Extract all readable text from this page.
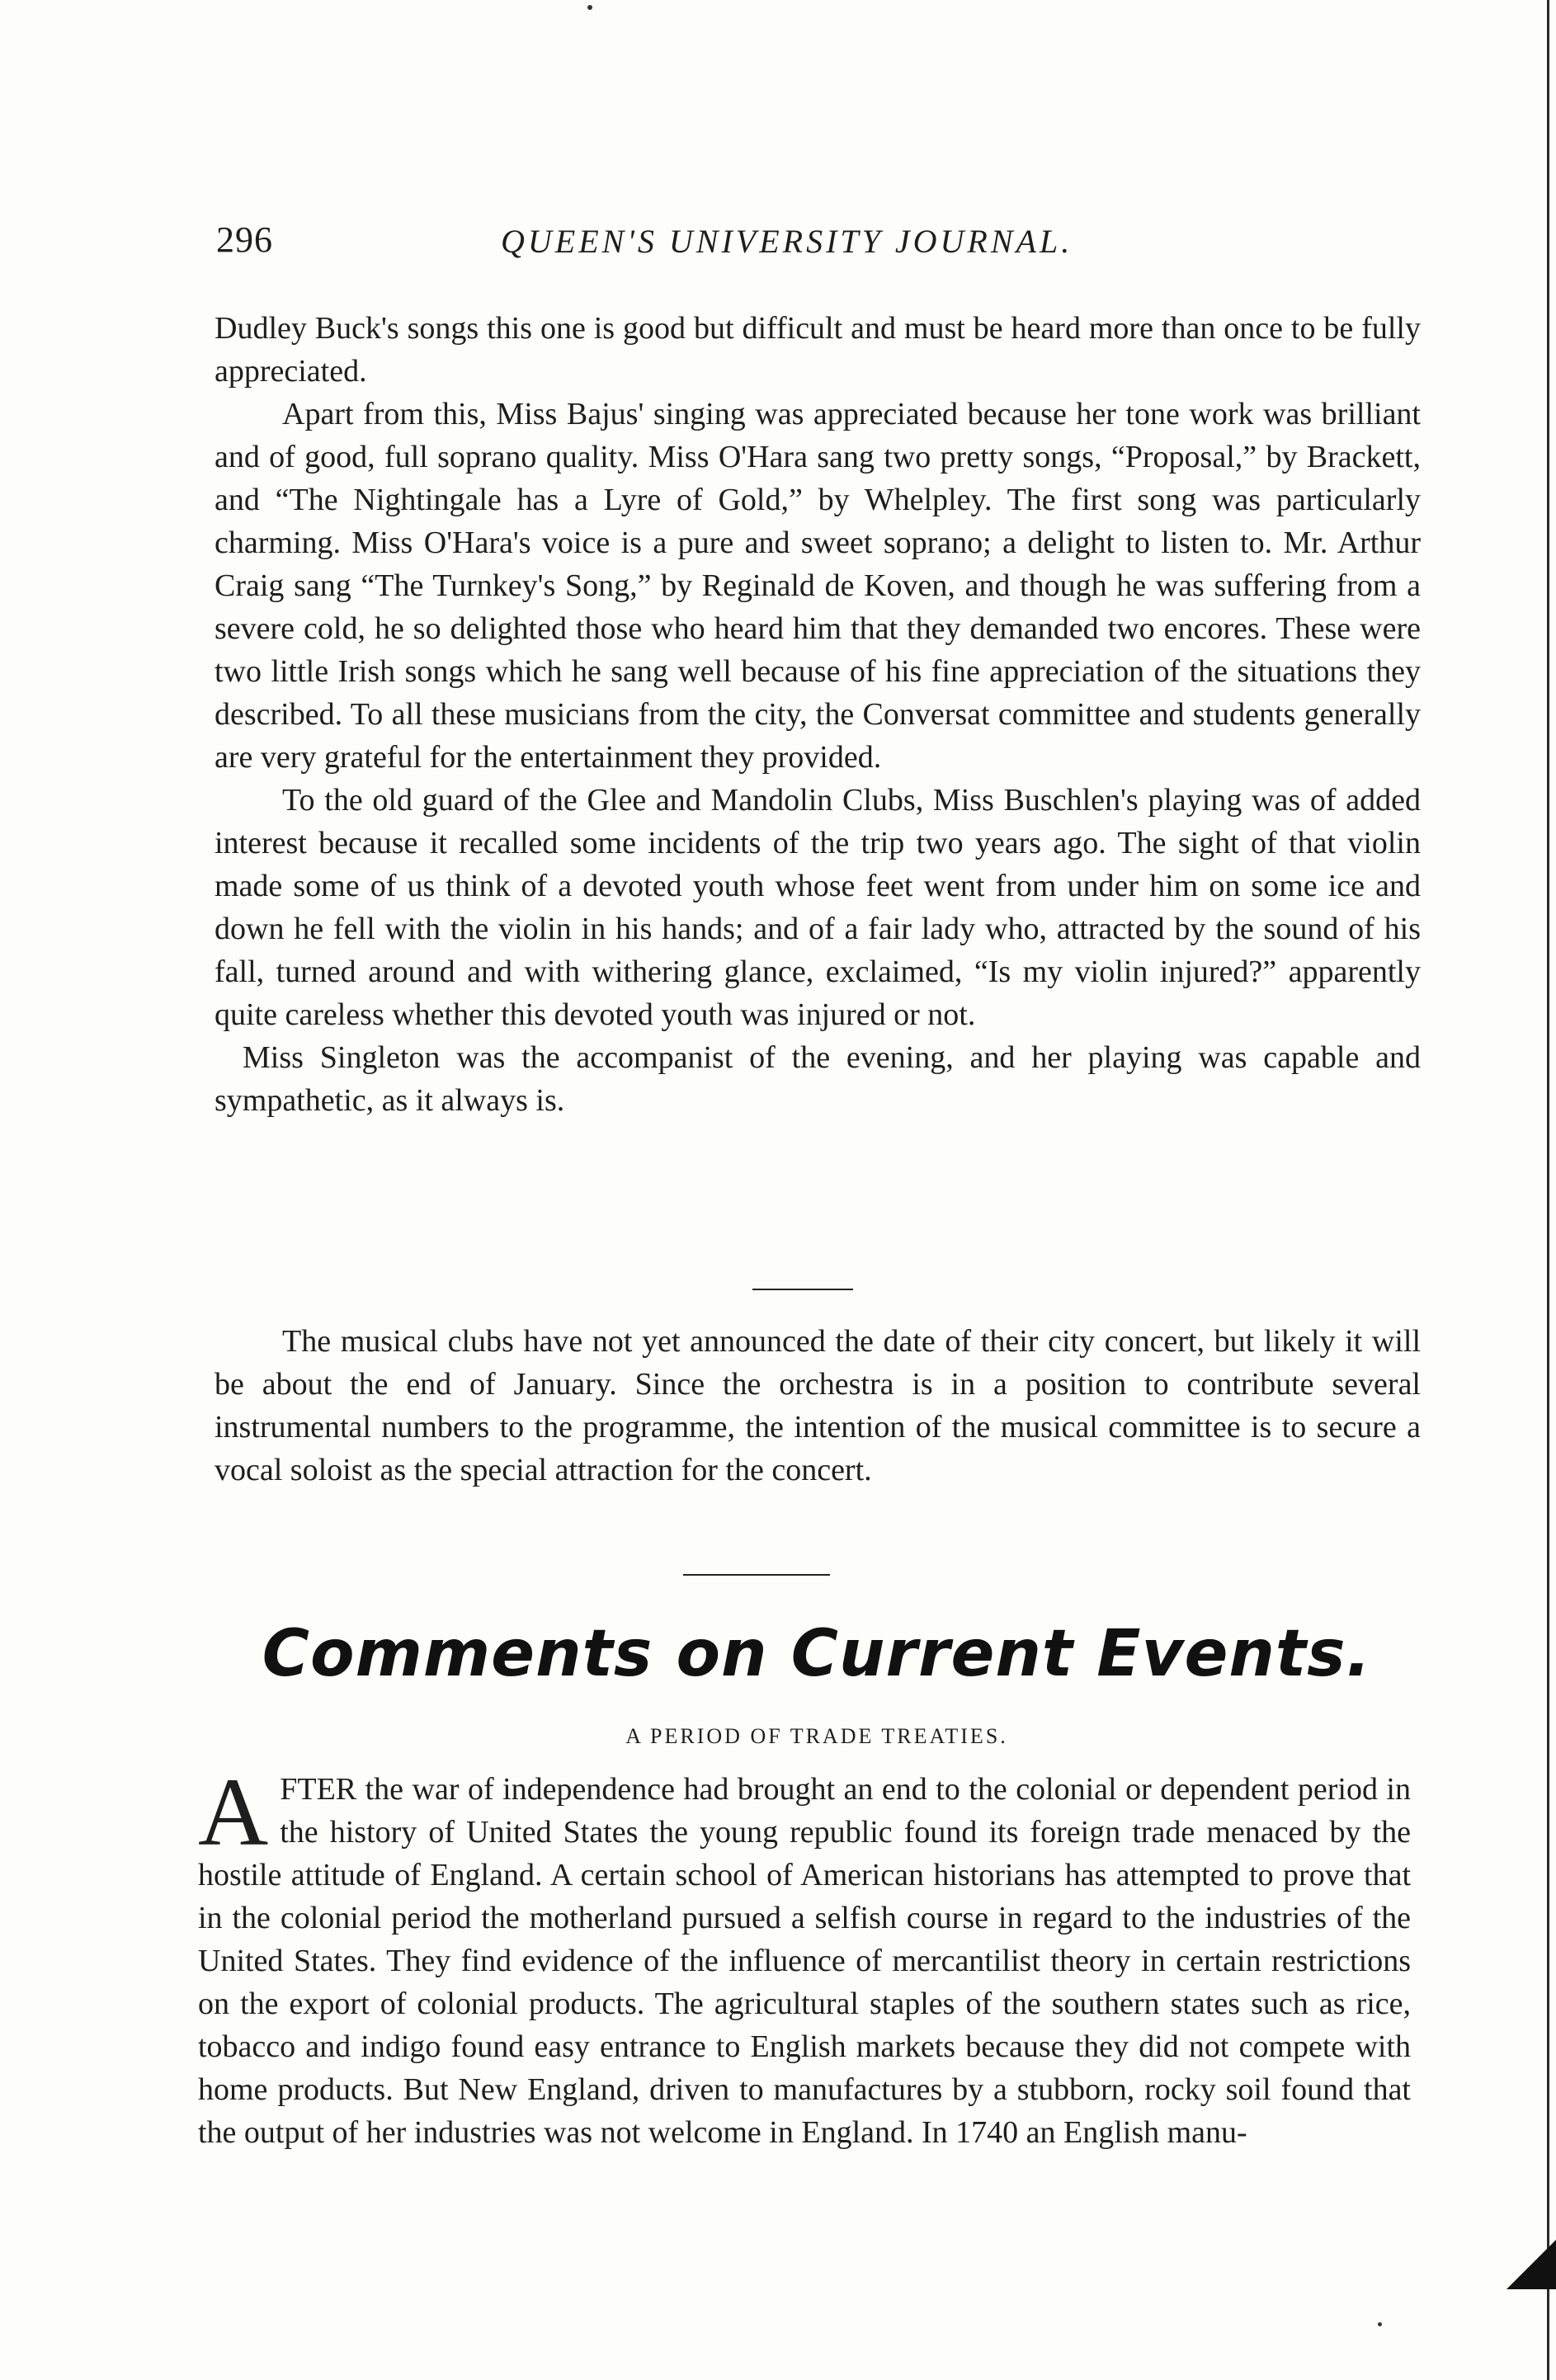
296	QUEEN'S UNIVERSITY JOURNAL.

Dudley Buck's songs this one is good but difficult and must be heard more than once to be fully appreciated.

Apart from this, Miss Bajus' singing was appreciated because her tone work was brilliant and of good, full soprano quality. Miss O'Hara sang two pretty songs, “Proposal,” by Brackett, and “The Nightingale has a Lyre of Gold,” by Whelpley. The first song was particularly charming. Miss O'Hara's voice is a pure and sweet soprano; a delight to listen to. Mr. Arthur Craig sang “The Turnkey's Song,” by Reginald de Koven, and though he was suffering from a severe cold, he so delighted those who heard him that they demanded two encores. These were two little Irish songs which he sang well because of his fine appreciation of the situations they described. To all these musicians from the city, the Conversat committee and students generally are very grateful for the entertainment they provided.

To the old guard of the Glee and Mandolin Clubs, Miss Buschlen's playing was of added interest because it recalled some incidents of the trip two years ago. The sight of that violin made some of us think of a devoted youth whose feet went from under him on some ice and down he fell with the violin in his hands; and of a fair lady who, attracted by the sound of his fall, turned around and with withering glance, exclaimed, “Is my violin injured?” apparently quite careless whether this devoted youth was injured or not.

Miss Singleton was the accompanist of the evening, and her playing was capable and sympathetic, as it always is.

The musical clubs have not yet announced the date of their city concert, but likely it will be about the end of January. Since the orchestra is in a position to contribute several instrumental numbers to the programme, the intention of the musical committee is to secure a vocal soloist as the special attraction for the concert.

Comments on Current Events.
A PERIOD OF TRADE TREATIES.
A FTER the war of independence had brought an end to the colonial or dependent period in the history of United States the young republic found its foreign trade menaced by the hostile attitude of England. A certain school of American historians has attempted to prove that in the colonial period the motherland pursued a selfish course in regard to the industries of the United States. They find evidence of the influence of mercantilist theory in certain restrictions on the export of colonial products. The agricultural staples of the southern states such as rice, tobacco and indigo found easy entrance to English markets because they did not compete with home products. But New England, driven to manufactures by a stubborn, rocky soil found that the output of her industries was not welcome in England. In 1740 an English manu-
